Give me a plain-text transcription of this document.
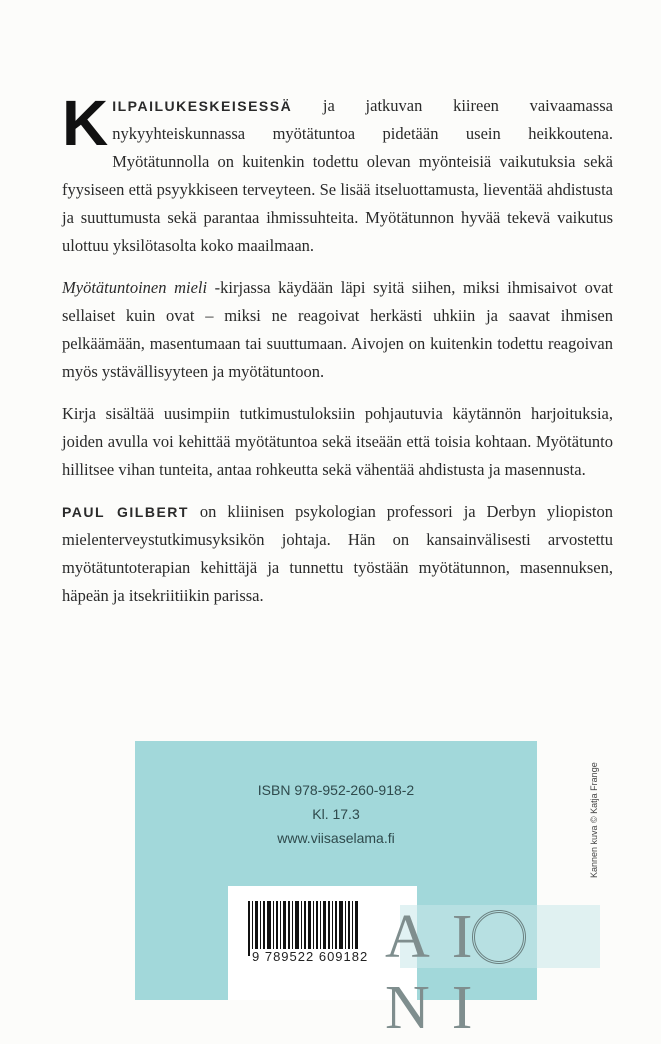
KILPAILUKESKEISESSÄ ja jatkuvan kiireen vaivaamassa nykyyhteiskunnassa myötätuntoa pidetään usein heikkoutena. Myötätunnolla on kuitenkin todettu olevan myönteisiä vaikutuksia sekä fyysiseen että psyykkiseen terveyteen. Se lisää itseluottamusta, lieventää ahdistusta ja suuttumusta sekä parantaa ihmissuhteita. Myötätunnon hyvää tekevä vaikutus ulottuu yksilötasolta koko maailmaan.

Myötätuntoinen mieli -kirjassa käydään läpi syitä siihen, miksi ihmisaivot ovat sellaiset kuin ovat – miksi ne reagoivat herkästi uhkiin ja saavat ihmisen pelkäämään, masentumaan tai suuttumaan. Aivojen on kuitenkin todettu reagoivan myös ystävällisyyteen ja myötätuntoon.

Kirja sisältää uusimpiin tutkimustuloksiin pohjautuvia käytännön harjoituksia, joiden avulla voi kehittää myötätuntoa sekä itseään että toisia kohtaan. Myötätunto hillitsee vihan tunteita, antaa rohkeutta sekä vähentää ahdistusta ja masennusta.

PAUL GILBERT on kliinisen psykologian professori ja Derbyn yliopiston mielenterveystutkimusyksikön johtaja. Hän on kansainvälisesti arvostettu myötätuntoterapian kehittäjä ja tunnettu työstään myötätunnon, masennuksen, häpeän ja itsekriitiikin parissa.

ISBN 978-952-260-918-2
Kl. 17.3
www.viisaselama.fi
9 789522 609182
Kannen kuva © Katja Frange
AI NI
